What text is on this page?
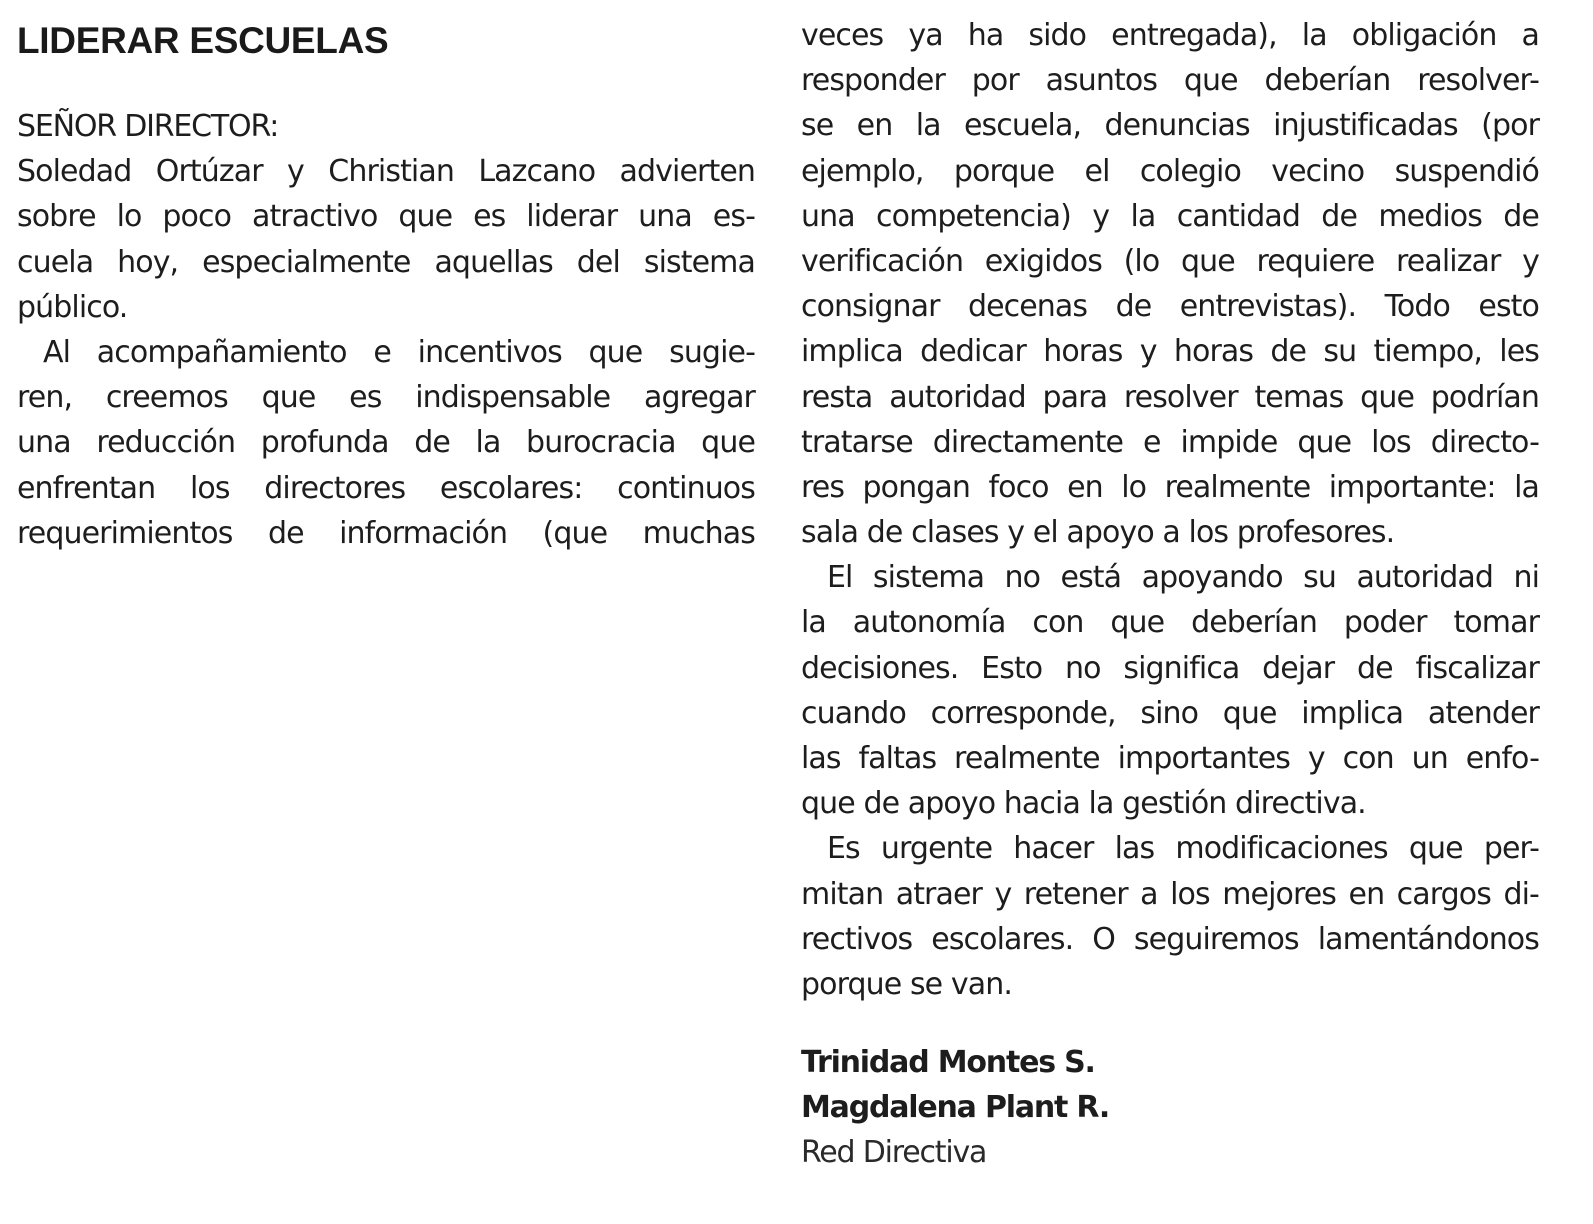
LIDERAR ESCUELAS
SEÑOR DIRECTOR:
Soledad Ortúzar y Christian Lazcano advierten
sobre lo poco atractivo que es liderar una es-
cuela hoy, especialmente aquellas del sistema
público.
Al acompañamiento e incentivos que sugie-
ren, creemos que es indispensable agregar
una reducción profunda de la burocracia que
enfrentan los directores escolares: continuos
requerimientos de información (que muchas
veces ya ha sido entregada), la obligación a
responder por asuntos que deberían resolver-
se en la escuela, denuncias injustificadas (por
ejemplo, porque el colegio vecino suspendió
una competencia) y la cantidad de medios de
verificación exigidos (lo que requiere realizar y
consignar decenas de entrevistas). Todo esto
implica dedicar horas y horas de su tiempo, les
resta autoridad para resolver temas que podrían
tratarse directamente e impide que los directo-
res pongan foco en lo realmente importante: la
sala de clases y el apoyo a los profesores.
El sistema no está apoyando su autoridad ni
la autonomía con que deberían poder tomar
decisiones. Esto no significa dejar de fiscalizar
cuando corresponde, sino que implica atender
las faltas realmente importantes y con un enfo-
que de apoyo hacia la gestión directiva.
Es urgente hacer las modificaciones que per-
mitan atraer y retener a los mejores en cargos di-
rectivos escolares. O seguiremos lamentándonos
porque se van.
Trinidad Montes S.
Magdalena Plant R.
Red Directiva
